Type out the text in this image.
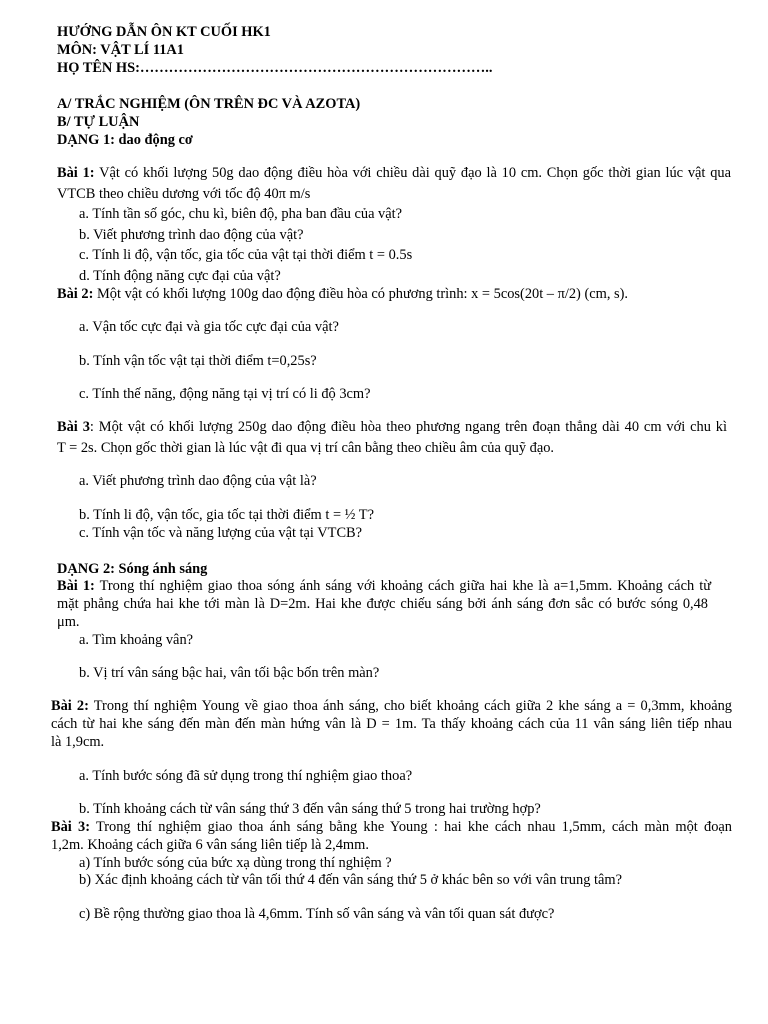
HƯỚNG DẪN ÔN KT CUỐI HK1
MÔN: VẬT LÍ 11A1
HỌ TÊN HS:………………………………………………………………..
A/ TRẮC NGHIỆM (ÔN TRÊN ĐC VÀ AZOTA)
B/ TỰ LUẬN
DẠNG 1: dao động cơ
Bài 1: Vật có khối lượng 50g dao động điều hòa với chiều dài quỹ đạo là 10 cm. Chọn gốc thời gian lúc vật qua
VTCB theo chiều dương với tốc độ 40π m/s
a. Tính tần số góc, chu kì, biên độ, pha ban đầu của vật?
b. Viết phương trình dao động của vật?
c. Tính li độ, vận tốc, gia tốc của vật tại thời điểm t = 0.5s
d. Tính động năng cực đại của vật?
Bài 2: Một vật có khối lượng 100g dao động điều hòa có phương trình: x = 5cos(20t – π/2) (cm, s).
a. Vận tốc cực đại và gia tốc cực đại của vật?
b. Tính vận tốc vật tại thời điểm t=0,25s?
c. Tính thế năng, động năng tại vị trí có li độ 3cm?
Bài 3: Một vật có khối lượng 250g dao động điều hòa theo phương ngang trên đoạn thẳng dài 40 cm với chu kì
T = 2s. Chọn gốc thời gian là lúc vật đi qua vị trí cân bằng theo chiều âm của quỹ đạo.
a. Viết phương trình dao động của vật là?
b. Tính li độ, vận tốc, gia tốc tại thời điểm t = ½ T?
c. Tính vận tốc và năng lượng của vật tại VTCB?
DẠNG 2: Sóng ánh sáng
Bài 1: Trong thí nghiệm giao thoa sóng ánh sáng với khoảng cách giữa hai khe là a=1,5mm. Khoảng cách từ
mặt phẳng chứa hai khe tới màn là D=2m. Hai khe được chiếu sáng bởi ánh sáng đơn sắc có bước sóng 0,48
μm.
a. Tìm khoảng vân?
b. Vị trí vân sáng bậc hai, vân tối bậc bốn trên màn?
Bài 2: Trong thí nghiệm Young về giao thoa ánh sáng, cho biết khoảng cách giữa 2 khe sáng a = 0,3mm, khoảng
cách từ hai khe sáng đến màn đến màn hứng vân là D = 1m. Ta thấy khoảng cách của 11 vân sáng liên tiếp nhau
là 1,9cm.
a. Tính bước sóng đã sử dụng trong thí nghiệm giao thoa?
b. Tính khoảng cách từ vân sáng thứ 3 đến vân sáng thứ 5 trong hai trường hợp?
Bài 3: Trong thí nghiệm giao thoa ánh sáng bằng khe Young : hai khe cách nhau 1,5mm, cách màn một đoạn
1,2m. Khoảng cách giữa 6 vân sáng liên tiếp là 2,4mm.
a) Tính bước sóng của bức xạ dùng trong thí nghiệm ?
b) Xác định khoảng cách từ vân tối thứ 4 đến vân sáng thứ 5 ở khác bên so với vân trung tâm?
c) Bề rộng thường giao thoa là 4,6mm. Tính số vân sáng và vân tối quan sát được?
